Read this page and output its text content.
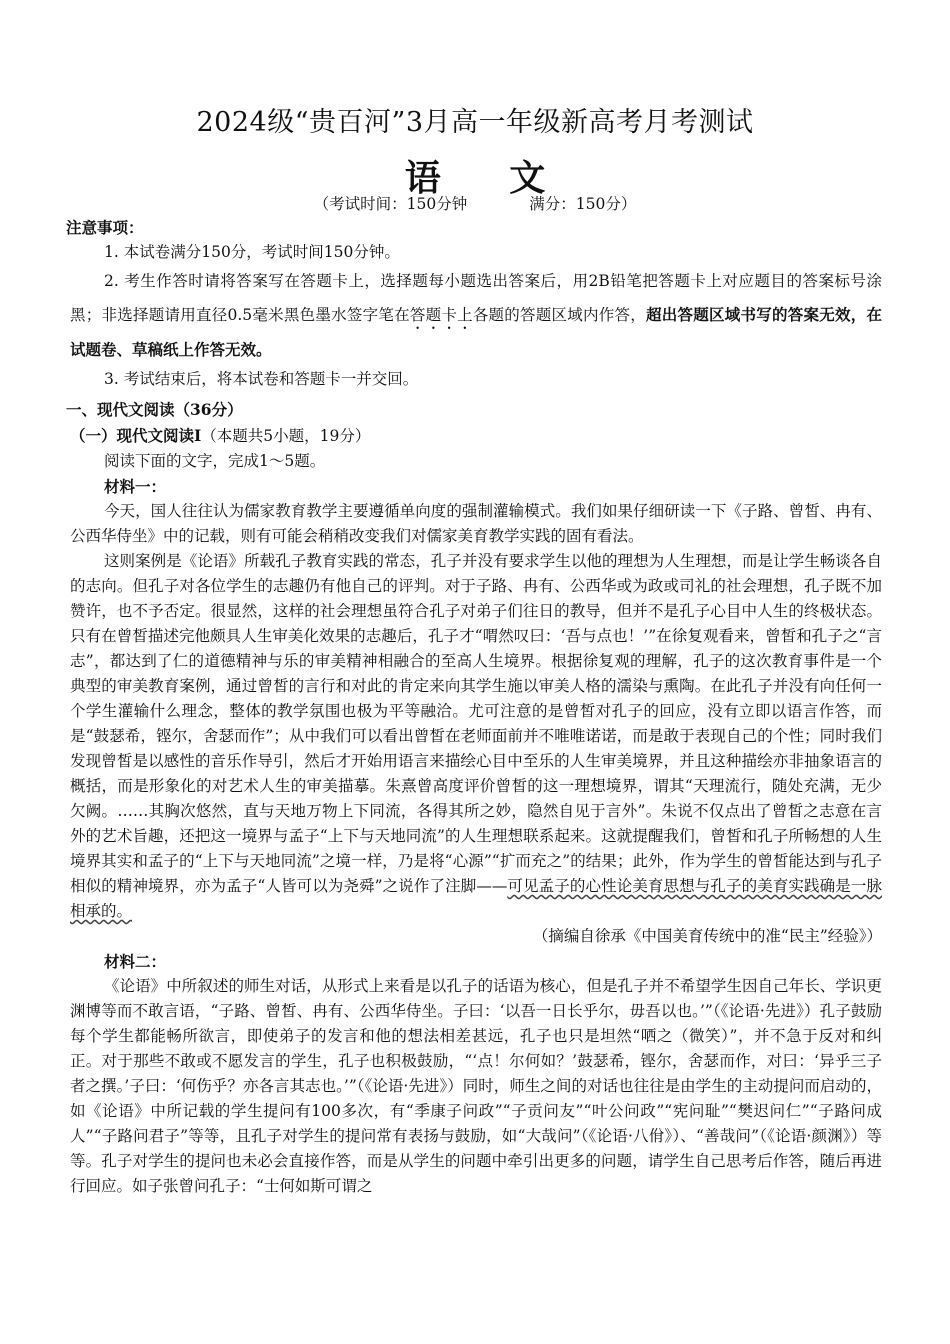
2024级“贵百河”3月高一年级新高考月考测试
语 文
（考试时间：150分钟	满分：150分）

注意事项：

1. 本试卷满分150分，考试时间150分钟。

2. 考生作答时请将答案写在答题卡上，选择题每小题选出答案后，用2B铅笔把答题卡上对应题目的答案标号涂黑；非选择题请用直径0.5毫米黑色墨水签字笔在答题卡上各题的答题区域内作答，超出答题区域书写的答案无效，在试题卷、草稿纸上作答无效。

3. 考试结束后，将本试卷和答题卡一并交回。

一、现代文阅读（36分）

（一）现代文阅读Ⅰ（本题共5小题，19分）

阅读下面的文字，完成1～5题。

材料一：

今天，国人往往认为儒家教育教学主要遵循单向度的强制灌输模式。我们如果仔细研读一下《子路、曾皙、冉有、公西华侍坐》中的记载，则有可能会稍稍改变我们对儒家美育教学实践的固有看法。

这则案例是《论语》所载孔子教育实践的常态，孔子并没有要求学生以他的理想为人生理想，而是让学生畅谈各自的志向。但孔子对各位学生的志趣仍有他自己的评判。对于子路、冉有、公西华或为政或司礼的社会理想，孔子既不加赞许，也不予否定。很显然，这样的社会理想虽符合孔子对弟子们往日的教导，但并不是孔子心目中人生的终极状态。只有在曾皙描述完他颇具人生审美化效果的志趣后，孔子才“喟然叹曰：‘吾与点也！’”在徐复观看来，曾皙和孔子之“言志”，都达到了仁的道德精神与乐的审美精神相融合的至高人生境界。根据徐复观的理解，孔子的这次教育事件是一个典型的审美教育案例，通过曾皙的言行和对此的肯定来向其学生施以审美人格的濡染与熏陶。在此孔子并没有向任何一个学生灌输什么理念，整体的教学氛围也极为平等融洽。尤可注意的是曾皙对孔子的回应，没有立即以语言作答，而是“鼓瑟希，铿尔，舍瑟而作”；从中我们可以看出曾皙在老师面前并不唯唯诺诺，而是敢于表现自己的个性；同时我们发现曾皙是以感性的音乐作导引，然后才开始用语言来描绘心目中至乐的人生审美境界，并且这种描绘亦非抽象语言的概括，而是形象化的对艺术人生的审美描摹。朱熹曾高度评价曾皙的这一理想境界，谓其“天理流行，随处充满，无少欠阙。……其胸次悠然，直与天地万物上下同流，各得其所之妙，隐然自见于言外”。朱说不仅点出了曾皙之志意在言外的艺术旨趣，还把这一境界与孟子“上下与天地同流”的人生理想联系起来。这就提醒我们，曾皙和孔子所畅想的人生境界其实和孟子的“上下与天地同流”之境一样，乃是将“心源”“扩而充之”的结果；此外，作为学生的曾皙能达到与孔子相似的精神境界，亦为孟子“人皆可以为尧舜”之说作了注脚——可见孟子的心性论美育思想与孔子的美育实践确是一脉相承的。

（摘编自徐承《中国美育传统中的准“民主”经验》）

材料二：

《论语》中所叙述的师生对话，从形式上来看是以孔子的话语为核心，但是孔子并不希望学生因自己年长、学识更渊博等而不敢言语，“子路、曾皙、冉有、公西华侍坐。子曰：‘以吾一日长乎尔，毋吾以也。’”（《论语·先进》）孔子鼓励每个学生都能畅所欲言，即使弟子的发言和他的想法相差甚远，孔子也只是坦然“哂之（微笑）”，并不急于反对和纠正。对于那些不敢或不愿发言的学生，孔子也积极鼓励，“‘点！尔何如？’鼓瑟希，铿尔，舍瑟而作，对曰：‘异乎三子者之撰。’子曰：‘何伤乎？亦各言其志也。’”（《论语·先进》）同时，师生之间的对话也往往是由学生的主动提问而启动的，如《论语》中所记载的学生提问有100多次，有“季康子问政”“子贡问友”“叶公问政”“宪问耻”“樊迟问仁”“子路问成人”“子路问君子”等等，且孔子对学生的提问常有表扬与鼓励，如“大哉问”（《论语·八佾》）、“善哉问”（《论语·颜渊》）等等。孔子对学生的提问也未必会直接作答，而是从学生的问题中牵引出更多的问题，请学生自己思考后作答，随后再进行回应。如子张曾问孔子：“士何如斯可谓之
